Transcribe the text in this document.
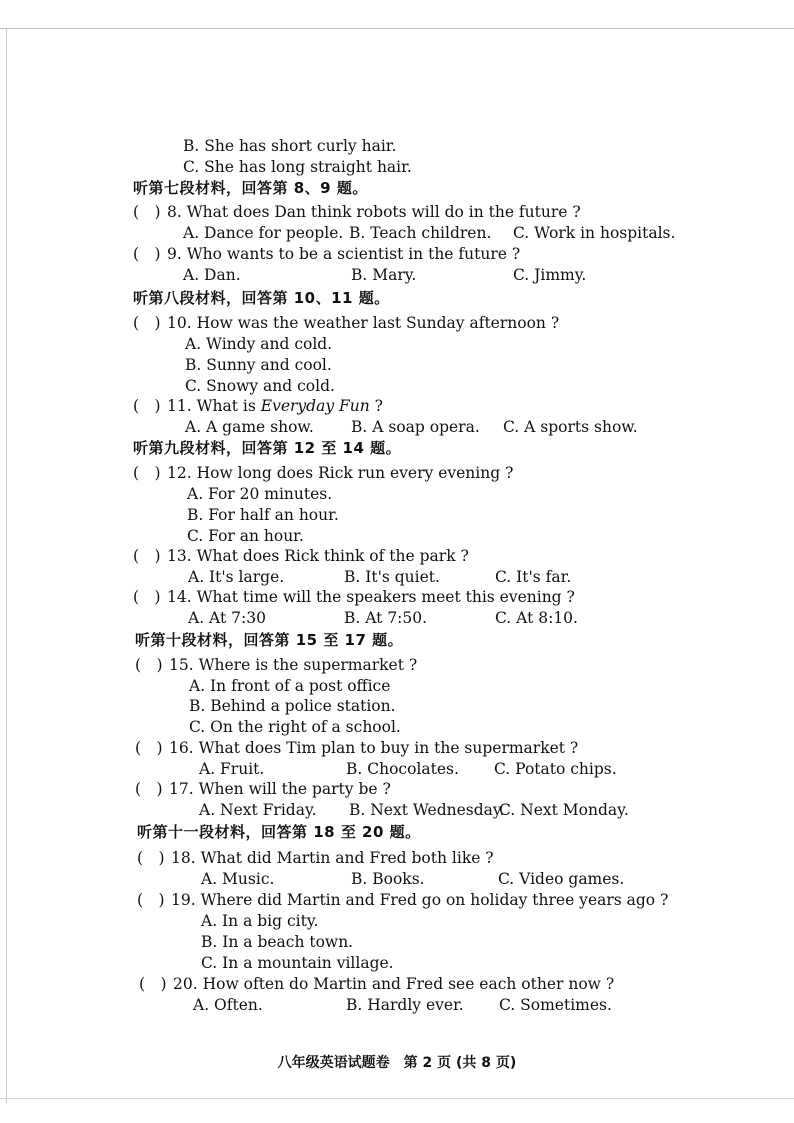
B. She has short curly hair.
C. She has long straight hair.
听第七段材料，回答第 8、9 题。
(　) 8. What does Dan think robots will do in the future ?
A. Dance for people. B. Teach children. C. Work in hospitals.
(　) 9. Who wants to be a scientist in the future ?
A. Dan.	B. Mary.	C. Jimmy.
听第八段材料，回答第 10、11 题。
(　) 10. How was the weather last Sunday afternoon ?
A. Windy and cold.
B. Sunny and cool.
C. Snowy and cold.
(　) 11. What is Everyday Fun ?
A. A game show. B. A soap opera. C. A sports show.
听第九段材料，回答第 12 至 14 题。
(　) 12. How long does Rick run every evening ?
A. For 20 minutes.
B. For half an hour.
C. For an hour.
(　) 13. What does Rick think of the park ?
A. It's large.	B. It's quiet.	C. It's far.
(　) 14. What time will the speakers meet this evening ?
A. At 7:30	B. At 7:50.	C. At 8:10.
听第十段材料，回答第 15 至 17 题。
(　) 15. Where is the supermarket ?
A. In front of a post office
B. Behind a police station.
C. On the right of a school.
(　) 16. What does Tim plan to buy in the supermarket ?
A. Fruit.	B. Chocolates. C. Potato chips.
(　) 17. When will the party be ?
A. Next Friday. B. Next Wednesday.
C. Next Monday.
听第十一段材料，回答第 18 至 20 题。
(　) 18. What did Martin and Fred both like ?
A. Music.	B. Books.	C. Video games.
(　) 19. Where did Martin and Fred go on holiday three years ago ?
A. In a big city.
B. In a beach town.
C. In a mountain village.
(　) 20. How often do Martin and Fred see each other now ?
A. Often.	B. Hardly ever. C. Sometimes.
八年级英语试题卷　第 2 页 (共 8 页)
